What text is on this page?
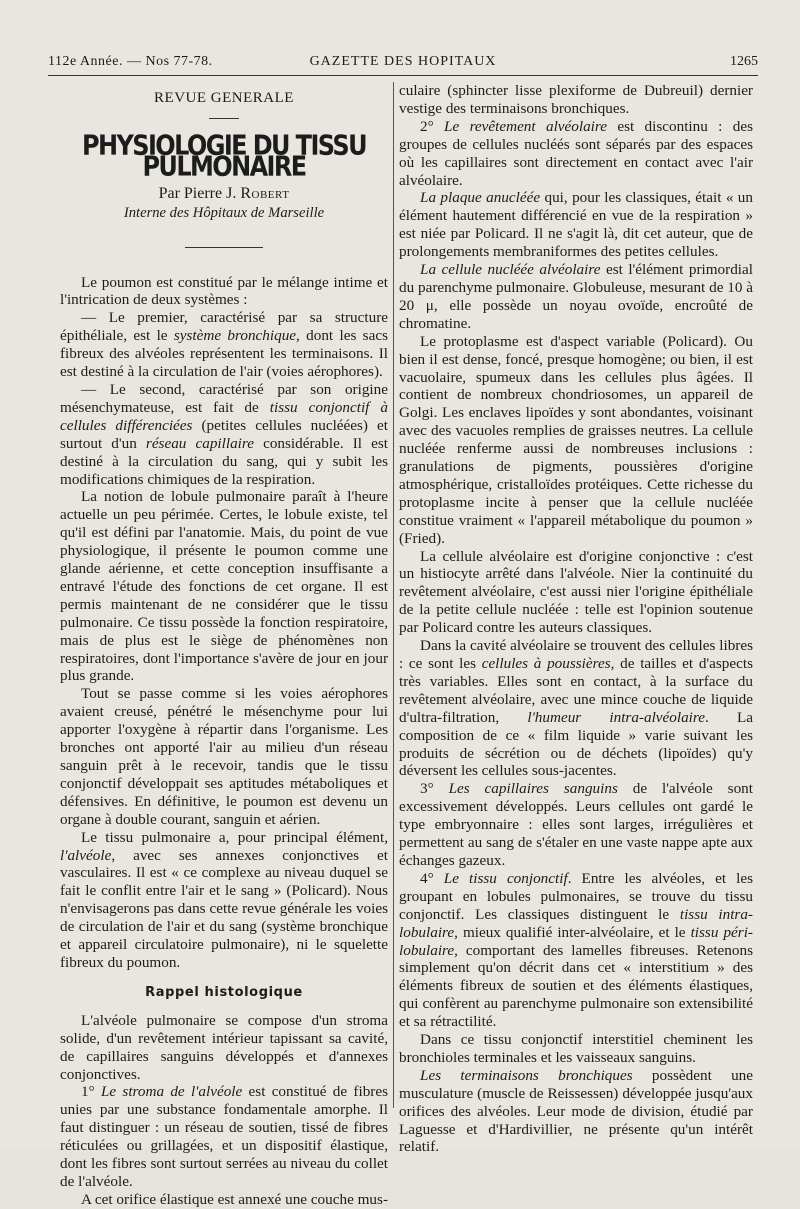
112e Année. — Nos 77-78.	GAZETTE DES HOPITAUX	1265
REVUE GENERALE
PHYSIOLOGIE DU TISSU PULMONAIRE
Par Pierre J. Robert
Interne des Hôpitaux de Marseille

Le poumon est constitué par le mélange intime et l'intrication de deux systèmes :

— Le premier, caractérisé par sa structure épithéliale, est le système bronchique, dont les sacs fibreux des alvéoles représentent les terminaisons. Il est destiné à la circulation de l'air (voies aérophores).

— Le second, caractérisé par son origine mésenchymateuse, est fait de tissu conjonctif à cellules différenciées (petites cellules nucléées) et surtout d'un réseau capillaire considérable. Il est destiné à la circulation du sang, qui y subit les modifications chimiques de la respiration.

La notion de lobule pulmonaire paraît à l'heure actuelle un peu périmée. Certes, le lobule existe, tel qu'il est défini par l'anatomie. Mais, du point de vue physiologique, il présente le poumon comme une glande aérienne, et cette conception insuffisante a entravé l'étude des fonctions de cet organe. Il est permis maintenant de ne considérer que le tissu pulmonaire. Ce tissu possède la fonction respiratoire, mais de plus est le siège de phénomènes non respiratoires, dont l'importance s'avère de jour en jour plus grande.

Tout se passe comme si les voies aérophores avaient creusé, pénétré le mésenchyme pour lui apporter l'oxygène à répartir dans l'organisme. Les bronches ont apporté l'air au milieu d'un réseau sanguin prêt à le recevoir, tandis que le tissu conjonctif développait ses aptitudes métaboliques et défensives. En définitive, le poumon est devenu un organe à double courant, sanguin et aérien.

Le tissu pulmonaire a, pour principal élément, l'alvéole, avec ses annexes conjonctives et vasculaires. Il est « ce complexe au niveau duquel se fait le conflit entre l'air et le sang » (Policard). Nous n'envisagerons pas dans cette revue générale les voies de circulation de l'air et du sang (système bronchique et appareil circulatoire pulmonaire), ni le squelette fibreux du poumon.

Rappel histologique

L'alvéole pulmonaire se compose d'un stroma solide, d'un revêtement intérieur tapissant sa cavité, de capillaires sanguins développés et d'annexes conjonctives.

1° Le stroma de l'alvéole est constitué de fibres unies par une substance fondamentale amorphe. Il faut distinguer : un réseau de soutien, tissé de fibres réticulées ou grillagées, et un dispositif élastique, dont les fibres sont surtout serrées au niveau du collet de l'alvéole.

A cet orifice élastique est annexé une couche mus-

culaire (sphincter lisse plexiforme de Dubreuil) dernier vestige des terminaisons bronchiques.

2° Le revêtement alvéolaire est discontinu : des groupes de cellules nucléés sont séparés par des espaces où les capillaires sont directement en contact avec l'air alvéolaire.

La plaque anucléée qui, pour les classiques, était « un élément hautement différencié en vue de la respiration » est niée par Policard. Il ne s'agit là, dit cet auteur, que de prolongements membraniformes des petites cellules.

La cellule nucléée alvéolaire est l'élément primordial du parenchyme pulmonaire. Globuleuse, mesurant de 10 à 20 μ, elle possède un noyau ovoïde, encroûté de chromatine.

Le protoplasme est d'aspect variable (Policard). Ou bien il est dense, foncé, presque homogène; ou bien, il est vacuolaire, spumeux dans les cellules plus âgées. Il contient de nombreux chondriosomes, un appareil de Golgi. Les enclaves lipoïdes y sont abondantes, voisinant avec des vacuoles remplies de graisses neutres. La cellule nucléée renferme aussi de nombreuses inclusions : granulations de pigments, poussières d'origine atmosphérique, cristalloïdes protéiques. Cette richesse du protoplasme incite à penser que la cellule nucléée constitue vraiment « l'appareil métabolique du poumon » (Fried).

La cellule alvéolaire est d'origine conjonctive : c'est un histiocyte arrêté dans l'alvéole. Nier la continuité du revêtement alvéolaire, c'est aussi nier l'origine épithéliale de la petite cellule nucléée : telle est l'opinion soutenue par Policard contre les auteurs classiques.

Dans la cavité alvéolaire se trouvent des cellules libres : ce sont les cellules à poussières, de tailles et d'aspects très variables. Elles sont en contact, à la surface du revêtement alvéolaire, avec une mince couche de liquide d'ultra-filtration, l'humeur intra-alvéolaire. La composition de ce « film liquide » varie suivant les produits de sécrétion ou de déchets (lipoïdes) qu'y déversent les cellules sous-jacentes.

3° Les capillaires sanguins de l'alvéole sont excessivement développés. Leurs cellules ont gardé le type embryonnaire : elles sont larges, irrégulières et permettent au sang de s'étaler en une vaste nappe apte aux échanges gazeux.

4° Le tissu conjonctif. Entre les alvéoles, et les groupant en lobules pulmonaires, se trouve du tissu conjonctif. Les classiques distinguent le tissu intra-lobulaire, mieux qualifié inter-alvéolaire, et le tissu péri-lobulaire, comportant des lamelles fibreuses. Retenons simplement qu'on décrit dans cet « interstitium » des éléments fibreux de soutien et des éléments élastiques, qui confèrent au parenchyme pulmonaire son extensibilité et sa rétractilité.

Dans ce tissu conjonctif interstitiel cheminent les bronchioles terminales et les vaisseaux sanguins.

Les terminaisons bronchiques possèdent une musculature (muscle de Reissessen) développée jusqu'aux orifices des alvéoles. Leur mode de division, étudié par Laguesse et d'Hardivillier, ne présente qu'un intérêt relatif.
